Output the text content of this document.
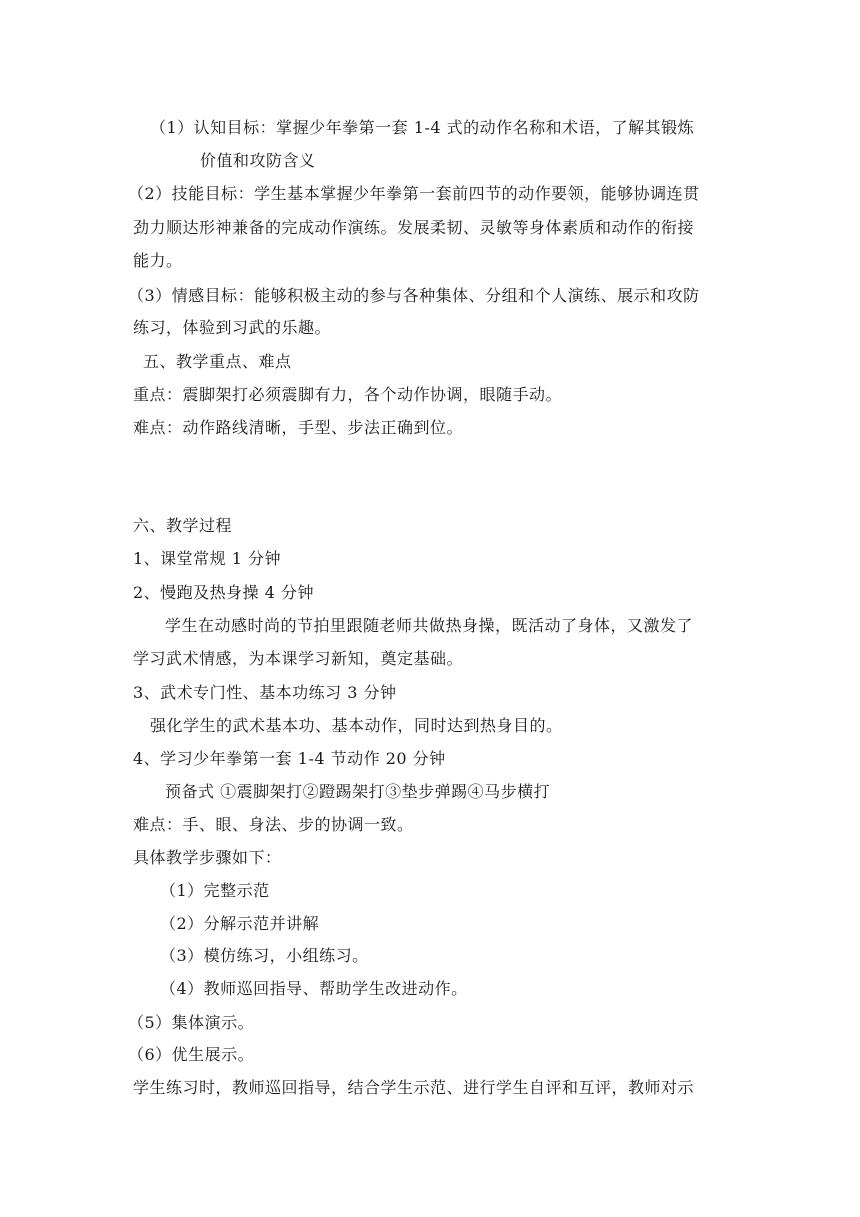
（1）认知目标：掌握少年拳第一套 1-4 式的动作名称和术语，了解其锻炼
价值和攻防含义
（2）技能目标：学生基本掌握少年拳第一套前四节的动作要领，能够协调连贯
劲力顺达形神兼备的完成动作演练。发展柔韧、灵敏等身体素质和动作的衔接
能力。
（3）情感目标：能够积极主动的参与各种集体、分组和个人演练、展示和攻防
练习，体验到习武的乐趣。
五、教学重点、难点
重点：震脚架打必须震脚有力，各个动作协调，眼随手动。
难点：动作路线清晰，手型、步法正确到位。
六、教学过程
1、课堂常规 1 分钟
2、慢跑及热身操 4 分钟
学生在动感时尚的节拍里跟随老师共做热身操，既活动了身体，又激发了
学习武术情感，为本课学习新知，奠定基础。
3、武术专门性、基本功练习 3 分钟
强化学生的武术基本功、基本动作，同时达到热身目的。
4、学习少年拳第一套 1-4 节动作 20 分钟
预备式 ①震脚架打②蹬踢架打③垫步弹踢④马步横打
难点：手、眼、身法、步的协调一致。
具体教学步骤如下：
（1）完整示范
（2）分解示范并讲解
（3）模仿练习，小组练习。
（4）教师巡回指导、帮助学生改进动作。
（5）集体演示。
（6）优生展示。
学生练习时，教师巡回指导，结合学生示范、进行学生自评和互评，教师对示
